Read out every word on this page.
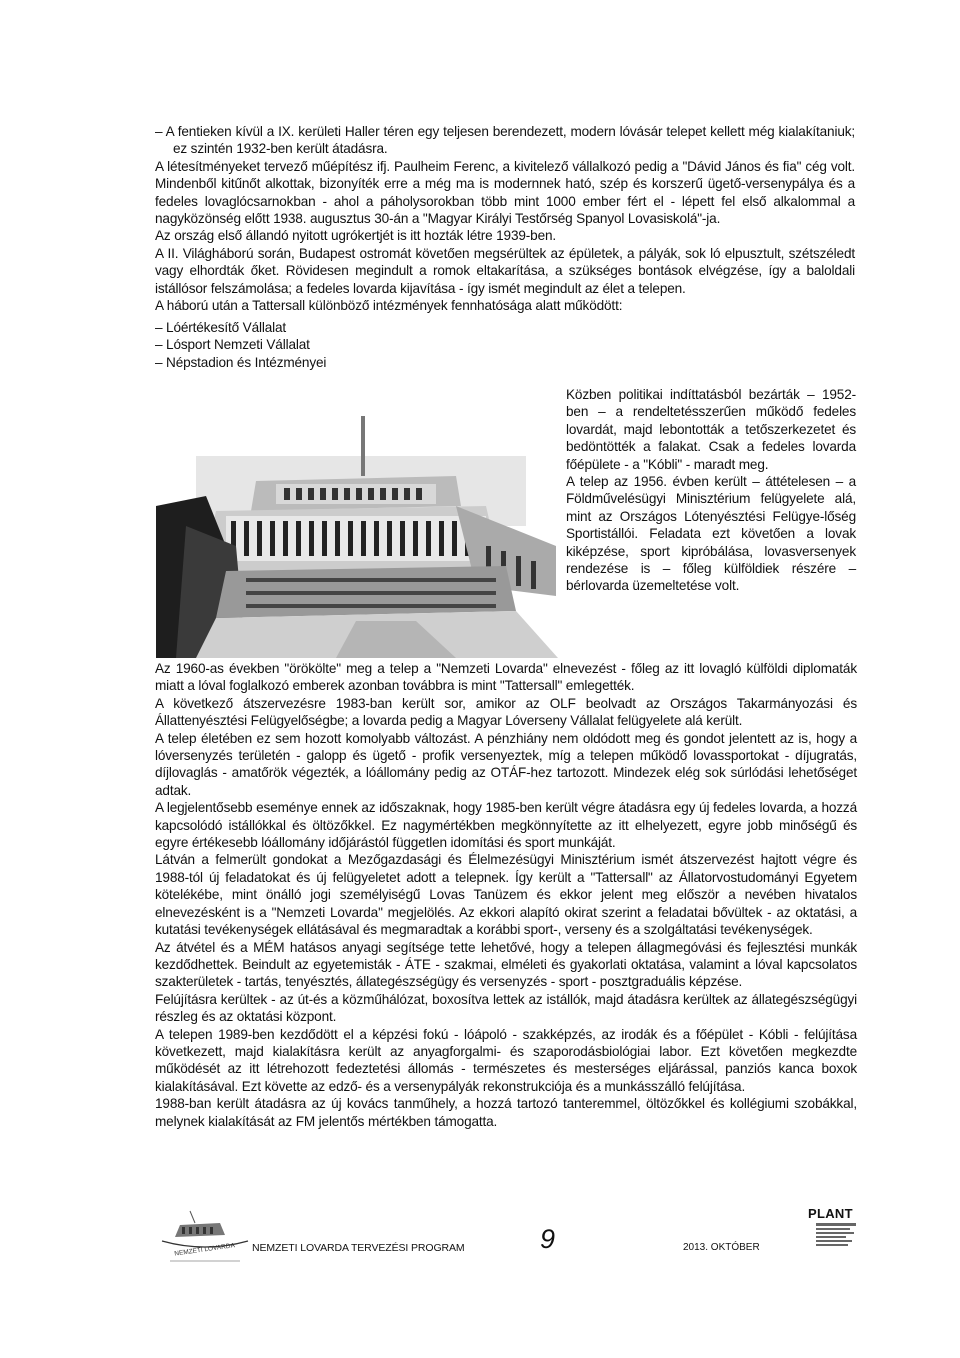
– A fentieken kívül a IX. kerületi Haller téren egy teljesen berendezett, modern lóvásár telepet kellett még kialakítaniuk; ez szintén 1932-ben került átadásra.

A létesítményeket tervező műépítész ifj. Paulheim Ferenc, a kivitelező vállalkozó pedig a "Dávid János és fia" cég volt. Mindenből kitűnőt alkottak, bizonyíték erre a még ma is modernnek ható, szép és korszerű ügető-versenypálya és a fedeles lovaglócsarnokban - ahol a páholysorokban több mint 1000 ember fért el - lépett fel első alkalommal a nagyközönség előtt 1938. augusztus 30-án a "Magyar Királyi Testőrség Spanyol Lovasiskolá"-ja.

Az ország első állandó nyitott ugrókertjét is itt hozták létre 1939-ben.

A II. Világháború során, Budapest ostromát követően megsérültek az épületek, a pályák, sok ló elpusztult, szétszéledt vagy elhordták őket. Rövidesen megindult a romok eltakarítása, a szükséges bontások elvégzése, így a baloldali istállósor felszámolása; a fedeles lovarda kijavítása - így ismét megindult az élet a telepen.

A háború után a Tattersall különböző intézmények fennhatósága alatt működött:

– Lóértékesítő Vállalat

– Lósport Nemzeti Vállalat

– Népstadion és Intézményei

Közben politikai indíttatásból bezárták – 1952-ben – a rendeltetésszerűen működő fedeles lovardát, majd lebontották a tetőszerkezetet és bedöntötték a falakat. Csak a fedeles lovarda főépülete - a "Kóbli" - maradt meg.

A telep az 1956. évben került – áttételesen – a Földművelésügyi Minisztérium felügyelete alá, mint az Országos Lótenyésztési Felügye-lőség Sportistállói. Feladata ezt követően a lovak kiképzése, sport kipróbálása, lovasversenyek rendezése is – főleg külföldiek részére – bérlovarda üzemeltetése volt.

Az 1960-as években "örökölte" meg a telep a "Nemzeti Lovarda" elnevezést - főleg az itt lovagló külföldi diplomaták miatt a lóval foglalkozó emberek azonban továbbra is mint "Tattersall" emlegették.

A következő átszervezésre 1983-ban került sor, amikor az OLF beolvadt az Országos Takarmányozási és Állattenyésztési Felügyelőségbe; a lovarda pedig a Magyar Lóverseny Vállalat felügyelete alá került.

A telep életében ez sem hozott komolyabb változást. A pénzhiány nem oldódott meg és gondot jelentett az is, hogy a lóversenyzés területén - galopp és ügető - profik versenyeztek, míg a telepen működő lovassportokat - díjugratás, díjlovaglás - amatőrök végezték, a lóállomány pedig az OTÁF-hez tartozott. Mindezek elég sok súrlódási lehetőséget adtak.

A legjelentősebb eseménye ennek az időszaknak, hogy 1985-ben került végre átadásra egy új fedeles lovarda, a hozzá kapcsolódó istállókkal és öltözőkkel. Ez nagymértékben megkönnyítette az itt elhelyezett, egyre jobb minőségű és egyre értékesebb lóállomány időjárástól független idomítási és sport munkáját.

Látván a felmerült gondokat a Mezőgazdasági és Élelmezésügyi Minisztérium ismét átszervezést hajtott végre és 1988-tól új feladatokat és új felügyeletet adott a telepnek. Így került a "Tattersall" az Állatorvostudományi Egyetem kötelékébe, mint önálló jogi személyiségű Lovas Tanüzem és ekkor jelent meg először a nevében hivatalos elnevezésként is a "Nemzeti Lovarda" megjelölés. Az ekkori alapító okirat szerint a feladatai bővültek - az oktatási, a kutatási tevékenységek ellátásával és megmaradtak a korábbi sport-, verseny és a szolgáltatási tevékenységek.

Az átvétel és a MÉM hatásos anyagi segítsége tette lehetővé, hogy a telepen állagmegóvási és fejlesztési munkák kezdődhettek. Beindult az egyetemisták - ÁTE - szakmai, elméleti és gyakorlati oktatása, valamint a lóval kapcsolatos szakterületek - tartás, tenyésztés, állategészségügy és versenyzés - sport - posztgraduális képzése.

Felújításra kerültek - az út-és a közműhálózat, boxosítva lettek az istállók, majd átadásra kerültek az állategészségügyi részleg és az oktatási központ.

A telepen 1989-ben kezdődött el a képzési fokú - lóápoló - szakképzés, az irodák és a főépület - Kóbli - felújítása következett, majd kialakításra került az anyagforgalmi- és szaporodásbiológiai labor. Ezt követően megkezdte működését az itt létrehozott fedeztetési állomás - természetes és mesterséges eljárással, panziós kanca boxok kialakításával. Ezt követte az edző- és a versenypályák rekonstrukciója és a munkásszálló felújítása.

1988-ban került átadásra az új kovács tanműhely, a hozzá tartozó tanteremmel, öltözőkkel és kollégiumi szobákkal, melynek kialakítását az FM jelentős mértékben támogatta.

NEMZETI LOVARDA NEMZETI LOVARDA TERVEZÉSI PROGRAM	9	2013. OKTÓBER
PLANT
